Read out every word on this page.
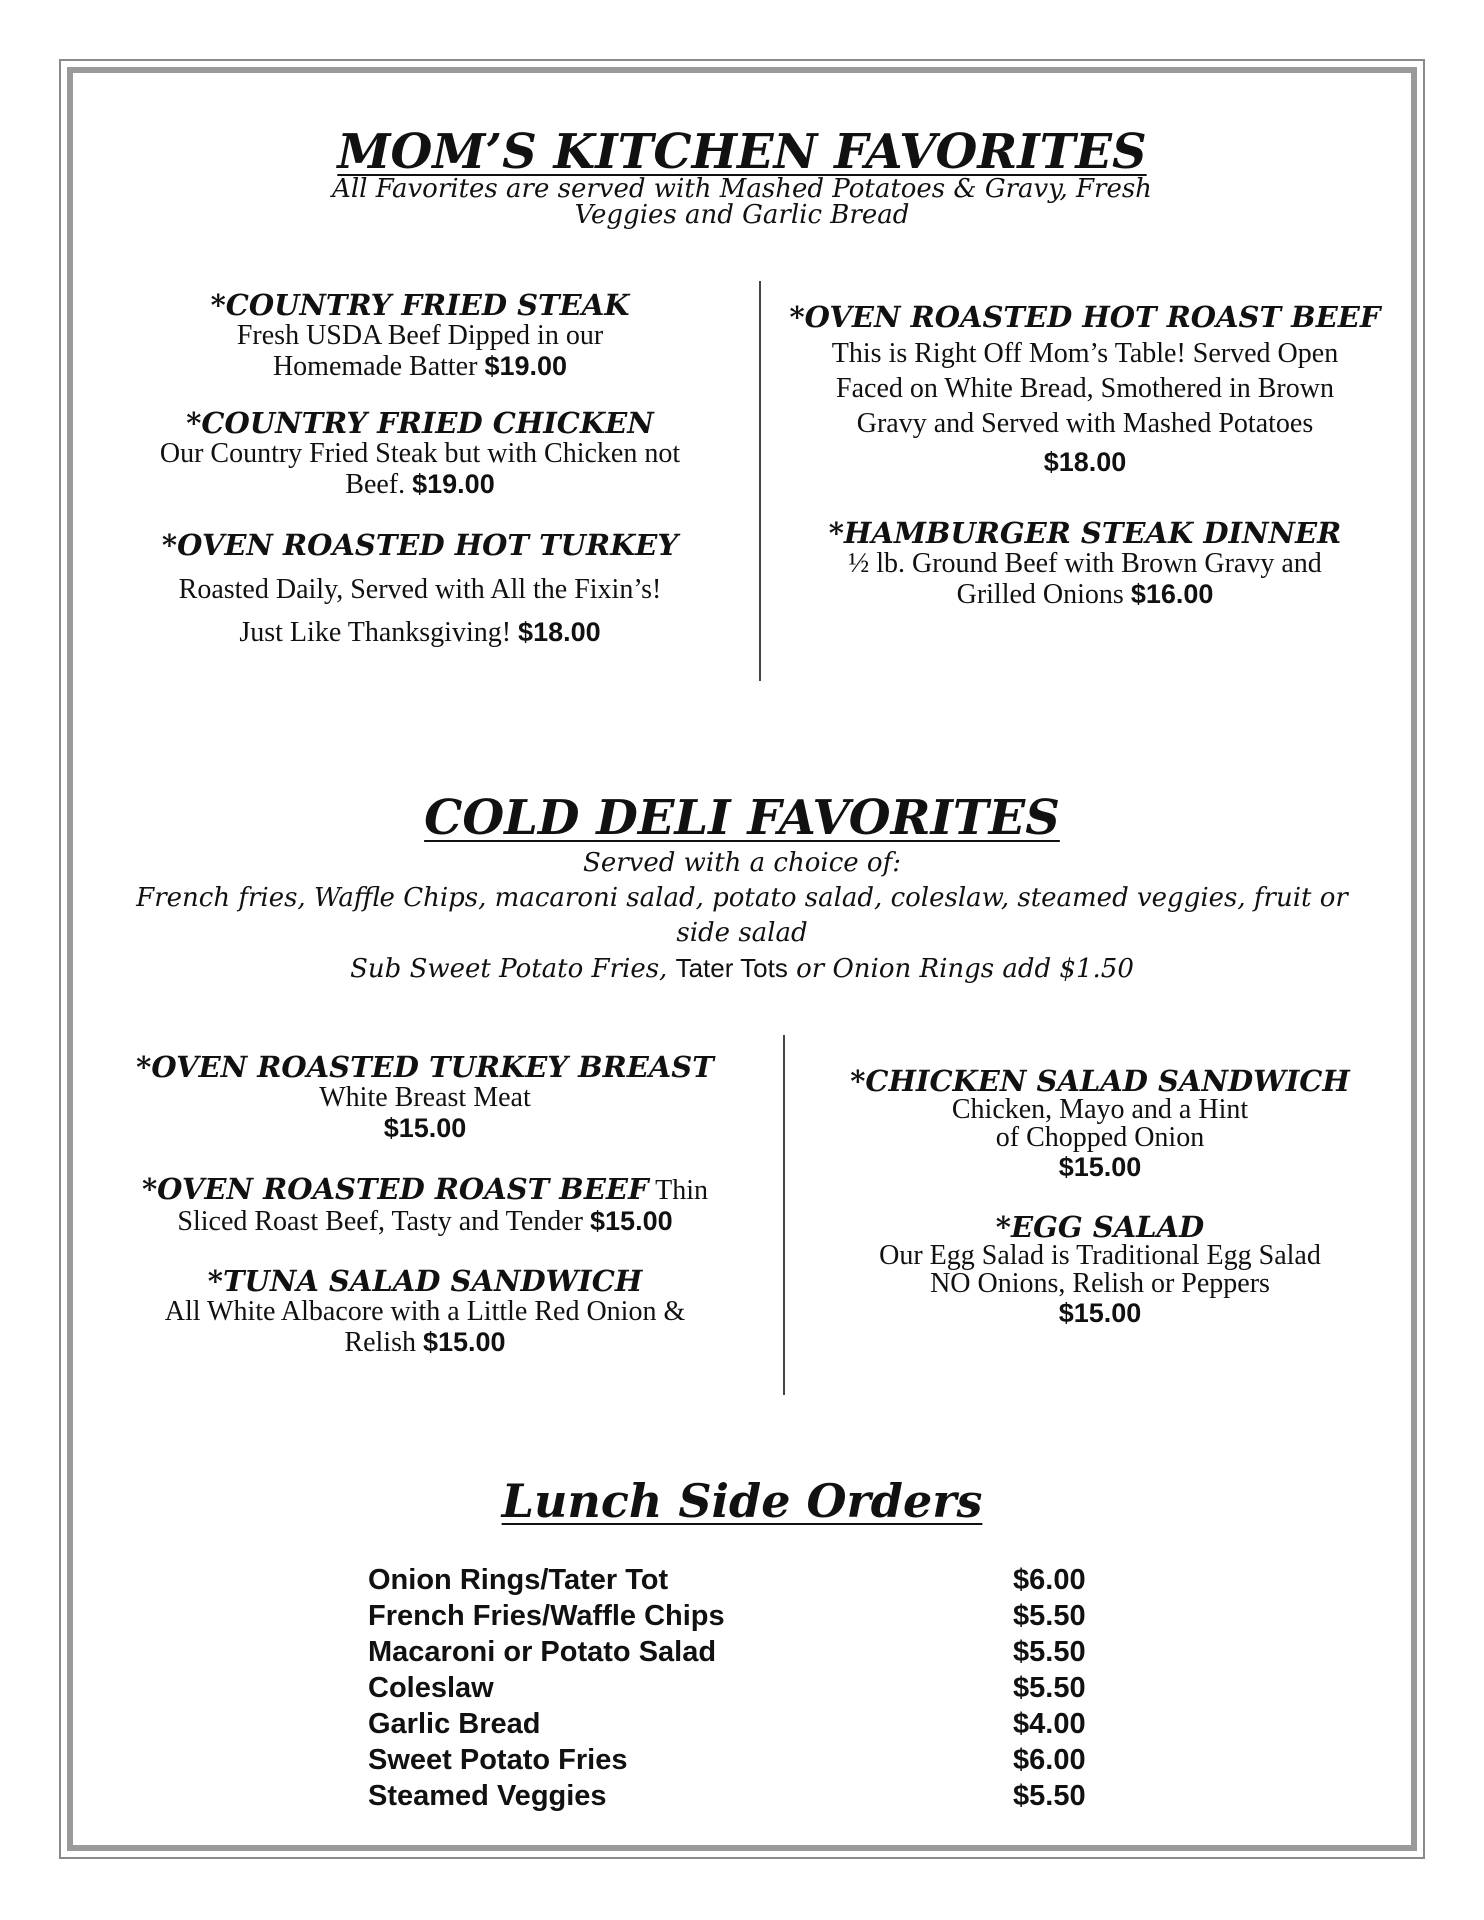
MOM’S KITCHEN FAVORITES
All Favorites are served with Mashed Potatoes & Gravy, Fresh
Veggies and Garlic Bread
*COUNTRY FRIED STEAK
Fresh USDA Beef Dipped in our
Homemade Batter $19.00
*COUNTRY FRIED CHICKEN
Our Country Fried Steak but with Chicken not
Beef. $19.00
*OVEN ROASTED HOT TURKEY
Roasted Daily, Served with All the Fixin’s!
Just Like Thanksgiving! $18.00
*OVEN ROASTED HOT ROAST BEEF
This is Right Off Mom’s Table! Served Open
Faced on White Bread, Smothered in Brown
Gravy and Served with Mashed Potatoes
$18.00
*HAMBURGER STEAK DINNER
½ lb. Ground Beef with Brown Gravy and
Grilled Onions $16.00
COLD DELI FAVORITES
Served with a choice of:
French fries, Waffle Chips, macaroni salad, potato salad, coleslaw, steamed veggies, fruit or
side salad
Sub Sweet Potato Fries, Tater Tots or Onion Rings add $1.50
*OVEN ROASTED TURKEY BREAST
White Breast Meat
$15.00
*OVEN ROASTED ROAST BEEF Thin
Sliced Roast Beef, Tasty and Tender $15.00
*TUNA SALAD SANDWICH
All White Albacore with a Little Red Onion &
Relish $15.00
*CHICKEN SALAD SANDWICH
Chicken, Mayo and a Hint
of Chopped Onion
$15.00
*EGG SALAD
Our Egg Salad is Traditional Egg Salad
NO Onions, Relish or Peppers
$15.00
Lunch Side Orders
Onion Rings/Tater Tot	$6.00
French Fries/Waffle Chips	$5.50
Macaroni or Potato Salad	$5.50
Coleslaw	$5.50
Garlic Bread	$4.00
Sweet Potato Fries	$6.00
Steamed Veggies	$5.50
